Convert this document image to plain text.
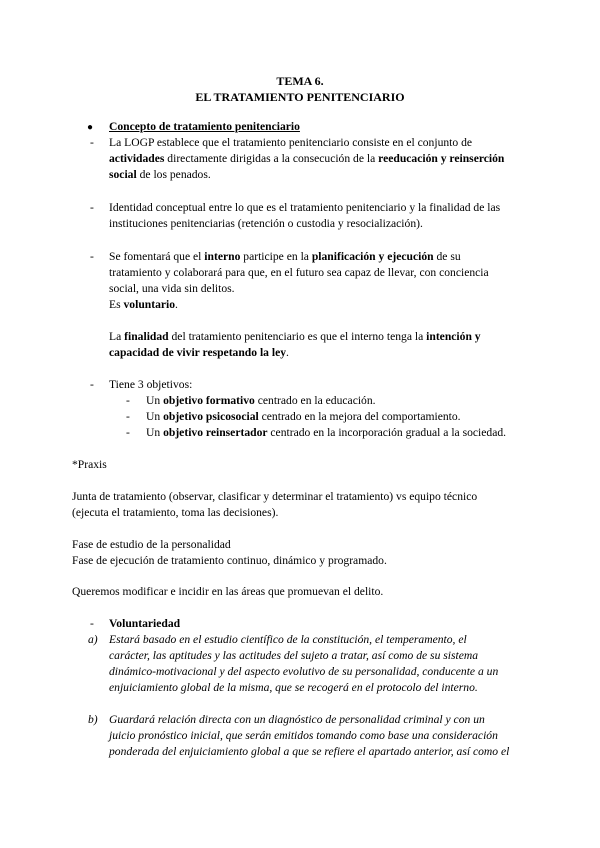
TEMA 6.
EL TRATAMIENTO PENITENCIARIO
● Concepto de tratamiento penitenciario
- La LOGP establece que el tratamiento penitenciario consiste en el conjunto de
actividades directamente dirigidas a la consecución de la reeducación y reinserción
social de los penados.
- Identidad conceptual entre lo que es el tratamiento penitenciario y la finalidad de las
instituciones penitenciarias (retención o custodia y resocialización).
- Se fomentará que el interno participe en la planificación y ejecución de su
tratamiento y colaborará para que, en el futuro sea capaz de llevar, con conciencia
social, una vida sin delitos.
Es voluntario.
La finalidad del tratamiento penitenciario es que el interno tenga la intención y
capacidad de vivir respetando la ley.
- Tiene 3 objetivos:
- Un objetivo formativo centrado en la educación.
- Un objetivo psicosocial centrado en la mejora del comportamiento.
- Un objetivo reinsertador centrado en la incorporación gradual a la sociedad.
*Praxis
Junta de tratamiento (observar, clasificar y determinar el tratamiento) vs equipo técnico
(ejecuta el tratamiento, toma las decisiones).
Fase de estudio de la personalidad
Fase de ejecución de tratamiento continuo, dinámico y programado.
Queremos modificar e incidir en las áreas que promuevan el delito.
- Voluntariedad
a) Estará basado en el estudio científico de la constitución, el temperamento, el
carácter, las aptitudes y las actitudes del sujeto a tratar, así como de su sistema
dinámico-motivacional y del aspecto evolutivo de su personalidad, conducente a un
enjuiciamiento global de la misma, que se recogerá en el protocolo del interno.
b) Guardará relación directa con un diagnóstico de personalidad criminal y con un
juicio pronóstico inicial, que serán emitidos tomando como base una consideración
ponderada del enjuiciamiento global a que se refiere el apartado anterior, así como el
